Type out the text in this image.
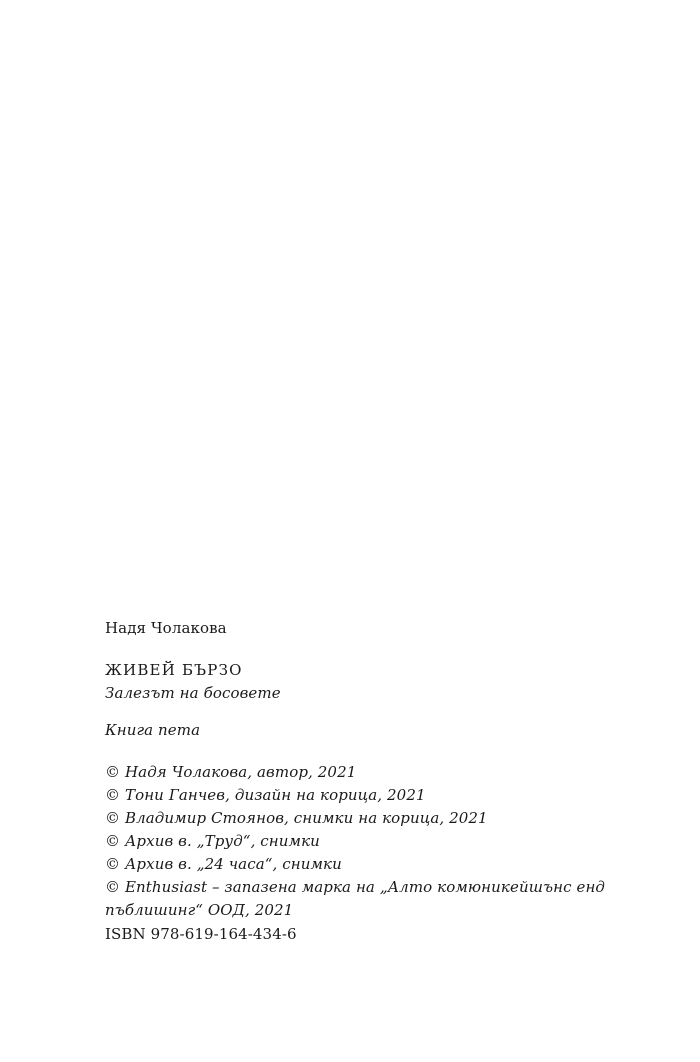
Надя Чолакова
ЖИВЕЙ БЪРЗО
Залезът на босовете
Книга пета
© Надя Чолакова, автор, 2021
© Тони Ганчев, дизайн на корица, 2021
© Владимир Стоянов, снимки на корица, 2021
© Архив в. „Труд“, снимки
© Архив в. „24 часа“, снимки
© Enthusiast – запазена марка на „Алто комюникейшънс енд пъблишинг“ ООД, 2021
ISBN 978-619-164-434-6
